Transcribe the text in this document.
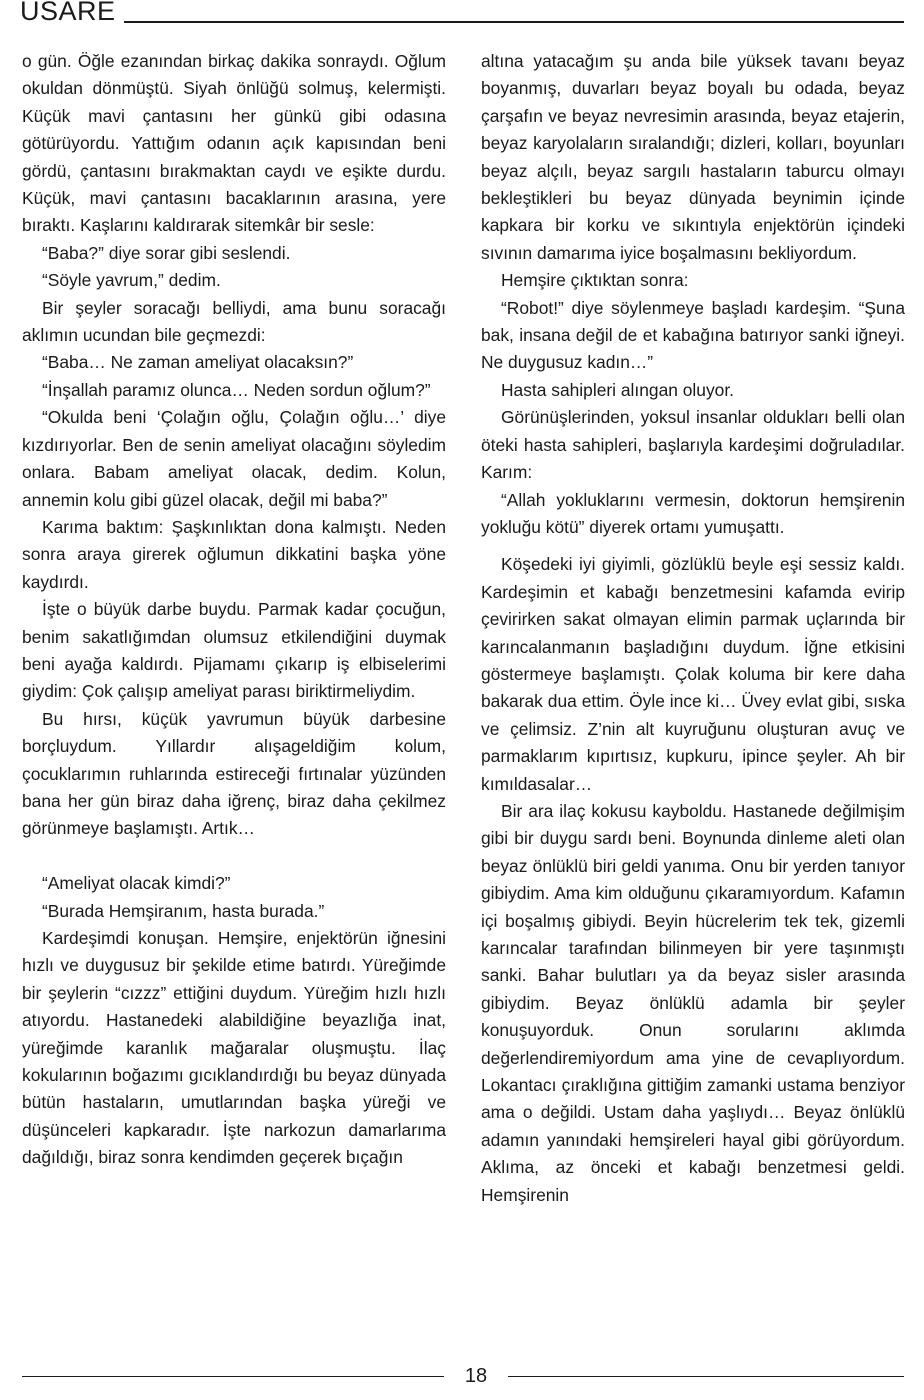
USARE

o gün. Öğle ezanından birkaç dakika sonraydı. Oğlum okuldan dönmüştü. Siyah önlüğü solmuş, kelermişti. Küçük mavi çantasını her günkü gibi odasına götürüyordu. Yattığım odanın açık kapısından beni gördü, çantasını bırakmaktan caydı ve eşikte durdu. Küçük, mavi çantasını bacaklarının arasına, yere bıraktı. Kaşlarını kaldırarak sitemkâr bir sesle:

“Baba?” diye sorar gibi seslendi.

“Söyle yavrum,” dedim.

Bir şeyler soracağı belliydi, ama bunu soracağı aklımın ucundan bile geçmezdi:

“Baba… Ne zaman ameliyat olacaksın?”

“İnşallah paramız olunca… Neden sordun oğlum?”

“Okulda beni ‘Çolağın oğlu, Çolağın oğlu…’ diye kızdırıyorlar. Ben de senin ameliyat olacağını söyledim onlara. Babam ameliyat olacak, dedim. Kolun, annemin kolu gibi güzel olacak, değil mi baba?”

Karıma baktım: Şaşkınlıktan dona kalmıştı. Neden sonra araya girerek oğlumun dikkatini başka yöne kaydırdı.

İşte o büyük darbe buydu. Parmak kadar çocuğun, benim sakatlığımdan olumsuz etkilendiğini duymak beni ayağa kaldırdı. Pijamamı çıkarıp iş elbiselerimi giydim: Çok çalışıp ameliyat parası biriktirmeliydim.

Bu hırsı, küçük yavrumun büyük darbesine borçluydum. Yıllardır alışageldiğim kolum, çocuklarımın ruhlarında estireceği fırtınalar yüzünden bana her gün biraz daha iğrenç, biraz daha çekilmez görünmeye başlamıştı. Artık…

“Ameliyat olacak kimdi?”

“Burada Hemşiranım, hasta burada.”

Kardeşimdi konuşan. Hemşire, enjektörün iğnesini hızlı ve duygusuz bir şekilde etime batırdı. Yüreğimde bir şeylerin “cızzz” ettiğini duydum. Yüreğim hızlı hızlı atıyordu. Hastanedeki alabildiğine beyazlığa inat, yüreğimde karanlık mağaralar oluşmuştu. İlaç kokularının boğazımı gıcıklandırdığı bu beyaz dünyada bütün hastaların, umutlarından başka yüreği ve düşünceleri kapkaradır. İşte narkozun damarlarıma dağıldığı, biraz sonra kendimden geçerek bıçağın

altına yatacağım şu anda bile yüksek tavanı beyaz boyanmış, duvarları beyaz boyalı bu odada, beyaz çarşafın ve beyaz nevresimin arasında, beyaz etajerin, beyaz karyolaların sıralandığı; dizleri, kolları, boyunları beyaz alçılı, beyaz sargılı hastaların taburcu olmayı bekleştikleri bu beyaz dünyada beynimin içinde kapkara bir korku ve sıkıntıyla enjektörün içindeki sıvının damarıma iyice boşalmasını bekliyordum.

Hemşire çıktıktan sonra:

“Robot!” diye söylenmeye başladı kardeşim. “Şuna bak, insana değil de et kabağına batırıyor sanki iğneyi. Ne duygusuz kadın…”

Hasta sahipleri alıngan oluyor.

Görünüşlerinden, yoksul insanlar oldukları belli olan öteki hasta sahipleri, başlarıyla kardeşimi doğruladılar. Karım:

“Allah yokluklarını vermesin, doktorun hemşirenin yokluğu kötü” diyerek ortamı yumuşattı.

Köşedeki iyi giyimli, gözlüklü beyle eşi sessiz kaldı. Kardeşimin et kabağı benzetmesini kafamda evirip çevirirken sakat olmayan elimin parmak uçlarında bir karıncalanmanın başladığını duydum. İğne etkisini göstermeye başlamıştı. Çolak koluma bir kere daha bakarak dua ettim. Öyle ince ki… Üvey evlat gibi, sıska ve çelimsiz. Z’nin alt kuyruğunu oluşturan avuç ve parmaklarım kıpırtısız, kupkuru, ipince şeyler. Ah bir kımıldasalar…

Bir ara ilaç kokusu kayboldu. Hastanede değilmişim gibi bir duygu sardı beni. Boynunda dinleme aleti olan beyaz önlüklü biri geldi yanıma. Onu bir yerden tanıyor gibiydim. Ama kim olduğunu çıkaramıyordum. Kafamın içi boşalmış gibiydi. Beyin hücrelerim tek tek, gizemli karıncalar tarafından bilinmeyen bir yere taşınmıştı sanki. Bahar bulutları ya da beyaz sisler arasında gibiydim. Beyaz önlüklü adamla bir şeyler konuşuyorduk. Onun sorularını aklımda değerlendiremiyordum ama yine de cevaplıyordum. Lokantacı çıraklığına gittiğim zamanki ustama benziyor ama o değildi. Ustam daha yaşlıydı… Beyaz önlüklü adamın yanındaki hemşireleri hayal gibi görüyordum. Aklıma, az önceki et kabağı benzetmesi geldi. Hemşirenin

18
